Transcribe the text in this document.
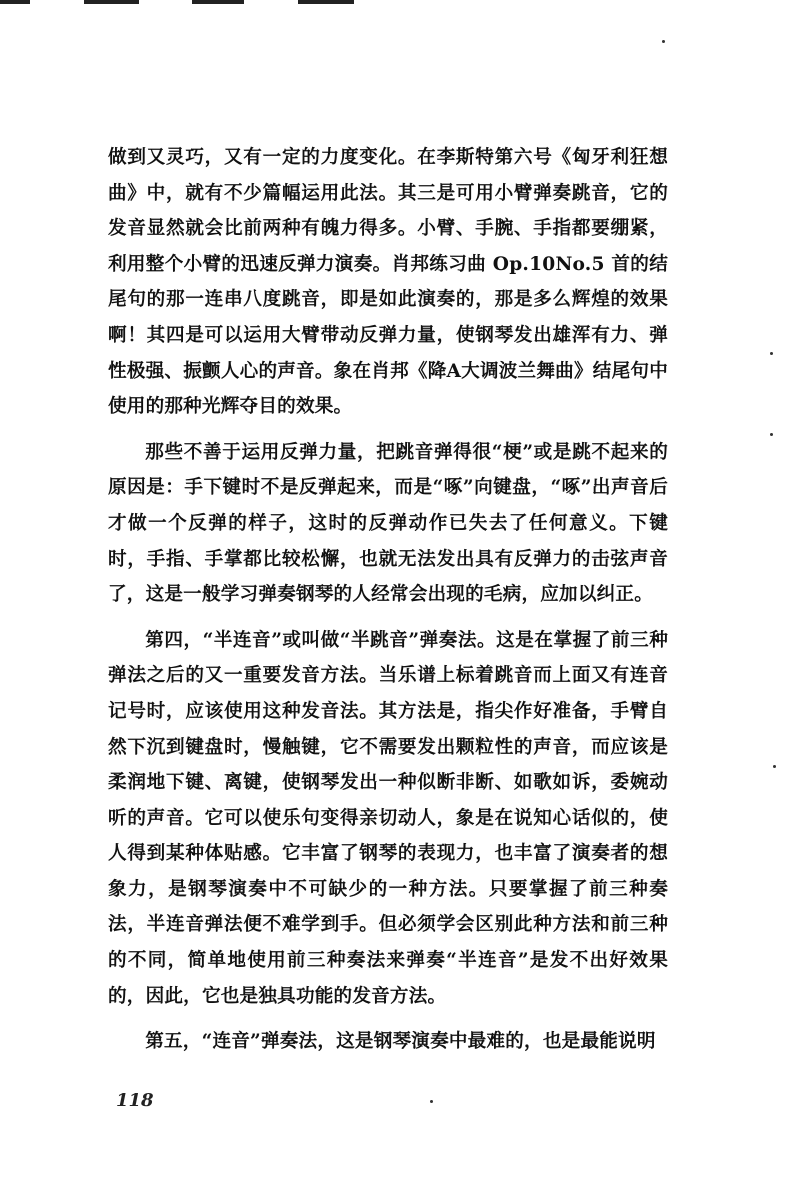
做到又灵巧，又有一定的力度变化。在李斯特第六号《匈牙利狂想曲》中，就有不少篇幅运用此法。其三是可用小臂弹奏跳音，它的发音显然就会比前两种有魄力得多。小臂、手腕、手指都要绷紧，利用整个小臂的迅速反弹力演奏。肖邦练习曲 Op.10No.5 首的结尾句的那一连串八度跳音，即是如此演奏的，那是多么辉煌的效果啊！其四是可以运用大臂带动反弹力量，使钢琴发出雄浑有力、弹性极强、振颤人心的声音。象在肖邦《降A大调波兰舞曲》结尾句中使用的那种光辉夺目的效果。

那些不善于运用反弹力量，把跳音弹得很“梗”或是跳不起来的原因是：手下键时不是反弹起来，而是“啄”向键盘，“啄”出声音后才做一个反弹的样子，这时的反弹动作已失去了任何意义。下键时，手指、手掌都比较松懈，也就无法发出具有反弹力的击弦声音了，这是一般学习弹奏钢琴的人经常会出现的毛病，应加以纠正。

第四，“半连音”或叫做“半跳音”弹奏法。这是在掌握了前三种弹法之后的又一重要发音方法。当乐谱上标着跳音而上面又有连音记号时，应该使用这种发音法。其方法是，指尖作好准备，手臂自然下沉到键盘时，慢触键，它不需要发出颗粒性的声音，而应该是柔润地下键、离键，使钢琴发出一种似断非断、如歌如诉，委婉动听的声音。它可以使乐句变得亲切动人，象是在说知心话似的，使人得到某种体贴感。它丰富了钢琴的表现力，也丰富了演奏者的想象力，是钢琴演奏中不可缺少的一种方法。只要掌握了前三种奏法，半连音弹法便不难学到手。但必须学会区别此种方法和前三种的不同，简单地使用前三种奏法来弹奏“半连音”是发不出好效果的，因此，它也是独具功能的发音方法。

第五，“连音”弹奏法，这是钢琴演奏中最难的，也是最能说明

118
